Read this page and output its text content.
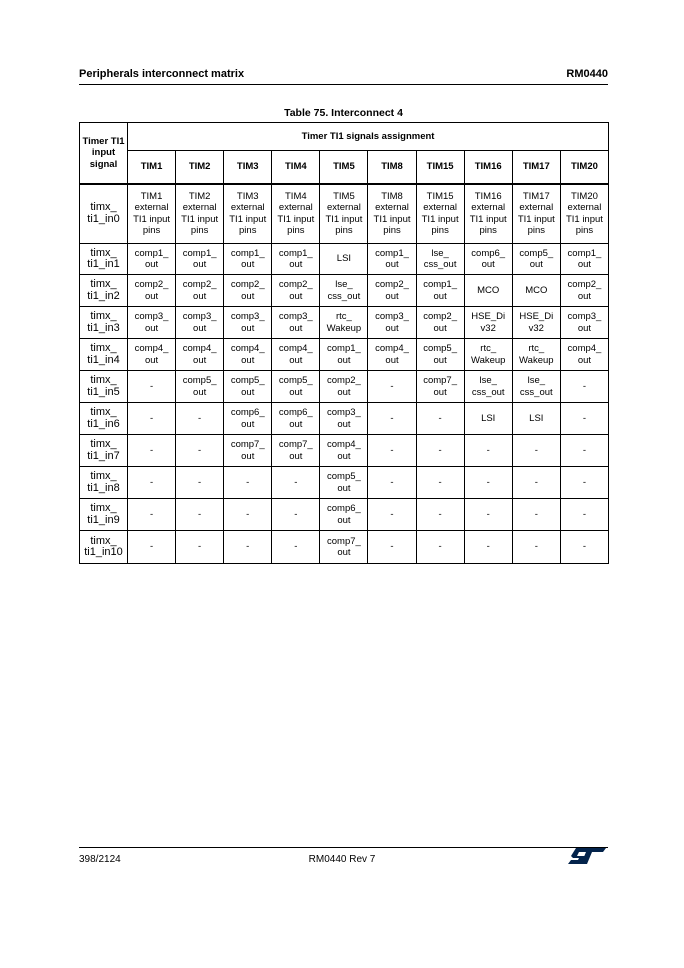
Peripherals interconnect matrix	RM0440
Table 75. Interconnect 4
Timer TI1 input signal	Timer TI1 signals assignment									
	TIM1	TIM2	TIM3	TIM4	TIM5	TIM8	TIM15	TIM16	TIM17	TIM20
timx_ ti1_in0	TIM1 external TI1 input pins	TIM2 external TI1 input pins	TIM3 external TI1 input pins	TIM4 external TI1 input pins	TIM5 external TI1 input pins	TIM8 external TI1 input pins	TIM15 external TI1 input pins	TIM16 external TI1 input pins	TIM17 external TI1 input pins	TIM20 external TI1 input pins
timx_ ti1_in1	comp1_ out	comp1_ out	comp1_ out	comp1_ out	LSI	comp1_ out	lse_ css_out	comp6_ out	comp5_ out	comp1_ out
timx_ ti1_in2	comp2_ out	comp2_ out	comp2_ out	comp2_ out	lse_ css_out	comp2_ out	comp1_ out	MCO	MCO	comp2_ out
timx_ ti1_in3	comp3_ out	comp3_ out	comp3_ out	comp3_ out	rtc_ Wakeup	comp3_ out	comp2_ out	HSE_Di v32	HSE_Di v32	comp3_ out
timx_ ti1_in4	comp4_ out	comp4_ out	comp4_ out	comp4_ out	comp1_ out	comp4_ out	comp5_ out	rtc_ Wakeup	rtc_ Wakeup	comp4_ out
timx_ ti1_in5	-	comp5_ out	comp5_ out	comp5_ out	comp2_ out	-	comp7_ out	lse_ css_out	lse_ css_out	-
timx_ ti1_in6	-	-	comp6_ out	comp6_ out	comp3_ out	-	-	LSI	LSI	-
timx_ ti1_in7	-	-	comp7_ out	comp7_ out	comp4_ out	-	-	-	-	-
timx_ ti1_in8	-	-	-	-	comp5_ out	-	-	-	-	-
timx_ ti1_in9	-	-	-	-	comp6_ out	-	-	-	-	-
timx_ ti1_in10	-	-	-	-	comp7_ out	-	-	-	-	-
398/2124	RM0440 Rev 7
